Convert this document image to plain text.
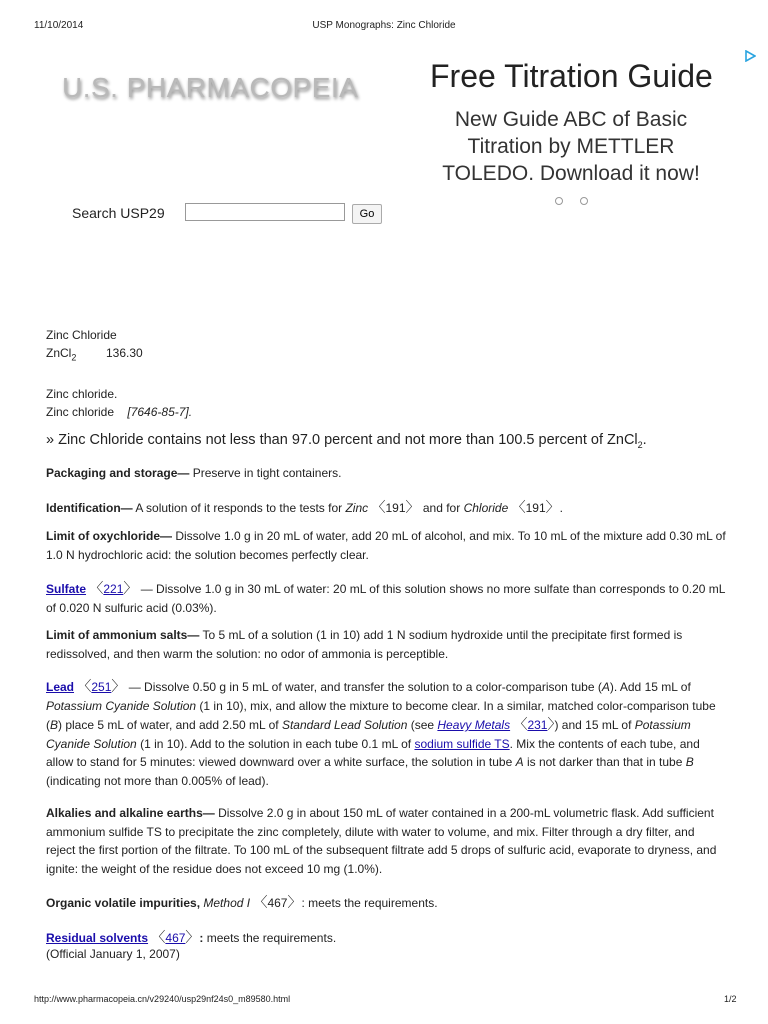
11/10/2014	USP Monographs: Zinc Chloride
U.S. PHARMACOPEIA
Search USP29	Go
Free Titration Guide
New Guide ABC of Basic Titration by METTLER TOLEDO. Download it now!
Zinc Chloride
ZnCl$_2$ 136.30
Zinc chloride.
Zinc chloride [7646-85-7].
» Zinc Chloride contains not less than 97.0 percent and not more than 100.5 percent of ZnCl$_2$.
Packaging and storage— Preserve in tight containers.
Identification— A solution of it responds to the tests for Zinc 〈191〉 and for Chloride 〈191〉.
Limit of oxychloride— Dissolve 1.0 g in 20 mL of water, add 20 mL of alcohol, and mix. To 10 mL of the mixture add 0.30 mL of 1.0 N hydrochloric acid: the solution becomes perfectly clear.
Sulfate 〈221〉 — Dissolve 1.0 g in 30 mL of water: 20 mL of this solution shows no more sulfate than corresponds to 0.20 mL of 0.020 N sulfuric acid (0.03%).
Limit of ammonium salts— To 5 mL of a solution (1 in 10) add 1 N sodium hydroxide until the precipitate first formed is redissolved, and then warm the solution: no odor of ammonia is perceptible.
Lead 〈251〉 — Dissolve 0.50 g in 5 mL of water, and transfer the solution to a color-comparison tube (A). Add 15 mL of Potassium Cyanide Solution (1 in 10), mix, and allow the mixture to become clear. In a similar, matched color-comparison tube (B) place 5 mL of water, and add 2.50 mL of Standard Lead Solution (see Heavy Metals 〈231〉) and 15 mL of Potassium Cyanide Solution (1 in 10). Add to the solution in each tube 0.1 mL of sodium sulfide TS. Mix the contents of each tube, and allow to stand for 5 minutes: viewed downward over a white surface, the solution in tube A is not darker than that in tube B (indicating not more than 0.005% of lead).
Alkalies and alkaline earths— Dissolve 2.0 g in about 150 mL of water contained in a 200-mL volumetric flask. Add sufficient ammonium sulfide TS to precipitate the zinc completely, dilute with water to volume, and mix. Filter through a dry filter, and reject the first portion of the filtrate. To 100 mL of the subsequent filtrate add 5 drops of sulfuric acid, evaporate to dryness, and ignite: the weight of the residue does not exceed 10 mg (1.0%).
Organic volatile impurities, Method I 〈467〉: meets the requirements.
Residual solvents 〈467〉: meets the requirements.
(Official January 1, 2007)
http://www.pharmacopeia.cn/v29240/usp29nf24s0_m89580.html	1/2
